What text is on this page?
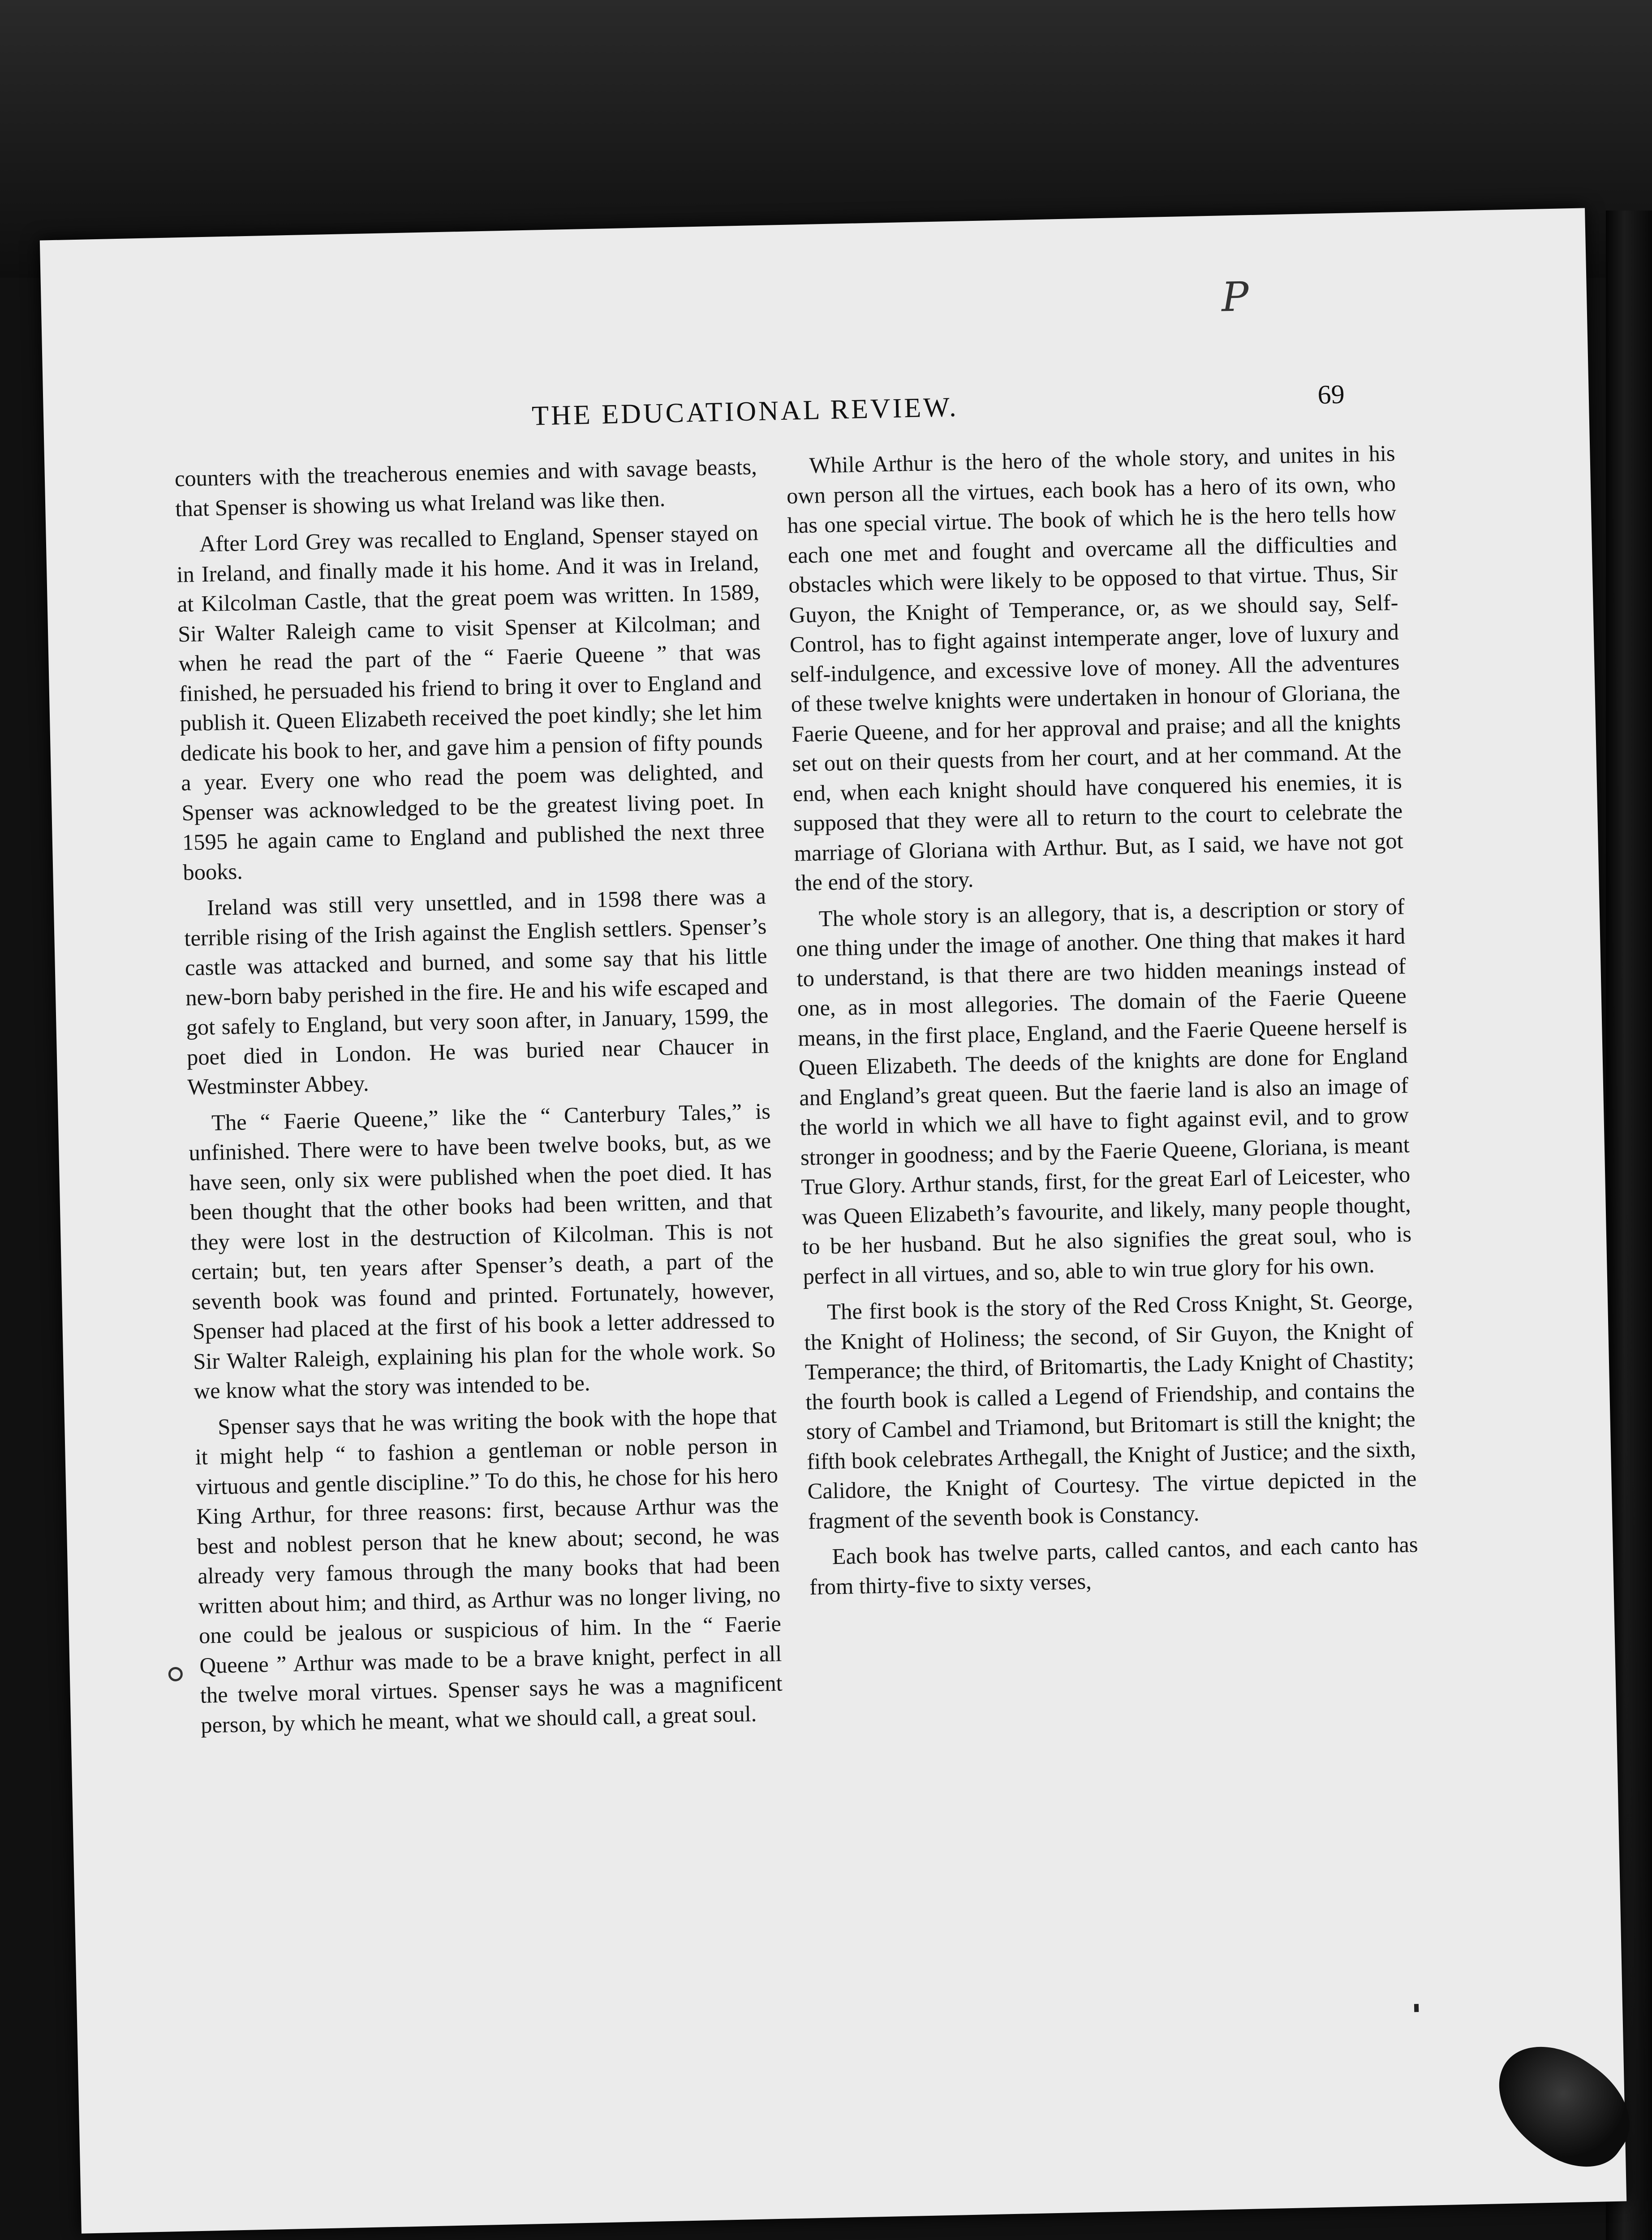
P
THE EDUCATIONAL REVIEW.	69

counters with the treacherous enemies and with savage beasts, that Spenser is showing us what Ireland was like then.

After Lord Grey was recalled to England, Spenser stayed on in Ireland, and finally made it his home. And it was in Ireland, at Kilcolman Castle, that the great poem was written. In 1589, Sir Walter Raleigh came to visit Spenser at Kilcolman; and when he read the part of the “ Faerie Queene ” that was finished, he persuaded his friend to bring it over to England and publish it. Queen Elizabeth received the poet kindly; she let him dedicate his book to her, and gave him a pension of fifty pounds a year. Every one who read the poem was delighted, and Spenser was acknowledged to be the greatest living poet. In 1595 he again came to England and published the next three books.

Ireland was still very unsettled, and in 1598 there was a terrible rising of the Irish against the English settlers. Spenser’s castle was attacked and burned, and some say that his little new-born baby perished in the fire. He and his wife escaped and got safely to England, but very soon after, in January, 1599, the poet died in London. He was buried near Chaucer in Westminster Abbey.

The “ Faerie Queene,” like the “ Canterbury Tales,” is unfinished. There were to have been twelve books, but, as we have seen, only six were published when the poet died. It has been thought that the other books had been written, and that they were lost in the destruction of Kilcolman. This is not certain; but, ten years after Spenser’s death, a part of the seventh book was found and printed. Fortunately, however, Spenser had placed at the first of his book a letter addressed to Sir Walter Raleigh, explaining his plan for the whole work. So we know what the story was intended to be.

Spenser says that he was writing the book with the hope that it might help “ to fashion a gentleman or noble person in virtuous and gentle discipline.” To do this, he chose for his hero King Arthur, for three reasons: first, because Arthur was the best and noblest person that he knew about; second, he was already very famous through the many books that had been written about him; and third, as Arthur was no longer living, no one could be jealous or suspicious of him. In the “ Faerie Queene ” Arthur was made to be a brave knight, perfect in all the twelve moral virtues. Spenser says he was a magnificent person, by which he meant, what we should call, a great soul.

While Arthur is the hero of the whole story, and unites in his own person all the virtues, each book has a hero of its own, who has one special virtue. The book of which he is the hero tells how each one met and fought and overcame all the difficulties and obstacles which were likely to be opposed to that virtue. Thus, Sir Guyon, the Knight of Temperance, or, as we should say, Self-Control, has to fight against intemperate anger, love of luxury and self-indulgence, and excessive love of money. All the adventures of these twelve knights were undertaken in honour of Gloriana, the Faerie Queene, and for her approval and praise; and all the knights set out on their quests from her court, and at her command. At the end, when each knight should have conquered his enemies, it is supposed that they were all to return to the court to celebrate the marriage of Gloriana with Arthur. But, as I said, we have not got the end of the story.

The whole story is an allegory, that is, a description or story of one thing under the image of another. One thing that makes it hard to understand, is that there are two hidden meanings instead of one, as in most allegories. The domain of the Faerie Queene means, in the first place, England, and the Faerie Queene herself is Queen Elizabeth. The deeds of the knights are done for England and England’s great queen. But the faerie land is also an image of the world in which we all have to fight against evil, and to grow stronger in goodness; and by the Faerie Queene, Gloriana, is meant True Glory. Arthur stands, first, for the great Earl of Leicester, who was Queen Elizabeth’s favourite, and likely, many people thought, to be her husband. But he also signifies the great soul, who is perfect in all virtues, and so, able to win true glory for his own.

The first book is the story of the Red Cross Knight, St. George, the Knight of Holiness; the second, of Sir Guyon, the Knight of Temperance; the third, of Britomartis, the Lady Knight of Chastity; the fourth book is called a Legend of Friendship, and contains the story of Cambel and Triamond, but Britomart is still the knight; the fifth book celebrates Arthegall, the Knight of Justice; and the sixth, Calidore, the Knight of Courtesy. The virtue depicted in the fragment of the seventh book is Constancy.

Each book has twelve parts, called cantos, and each canto has from thirty-five to sixty verses,
